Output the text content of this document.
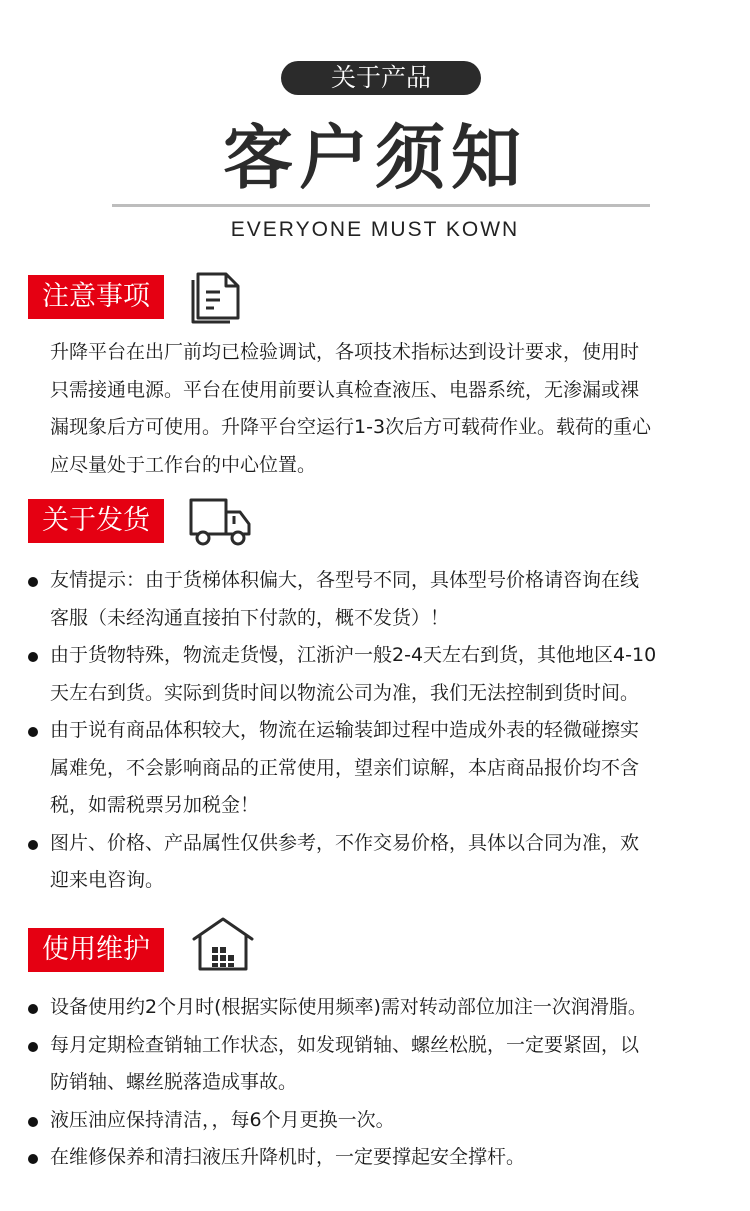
关于产品
客户须知
EVERYONE MUST KOWN
注意事项
升降平台在出厂前均已检验调试，各项技术指标达到设计要求，使用时
只需接通电源。平台在使用前要认真检查液压、电器系统，无渗漏或裸
漏现象后方可使用。升降平台空运行1-3次后方可载荷作业。载荷的重心
应尽量处于工作台的中心位置。
关于发货
友情提示：由于货梯体积偏大，各型号不同，具体型号价格请咨询在线
客服（未经沟通直接拍下付款的，概不发货）！
由于货物特殊，物流走货慢，江浙沪一般2-4天左右到货，其他地区4-10
天左右到货。实际到货时间以物流公司为准，我们无法控制到货时间。
由于说有商品体积较大，物流在运输装卸过程中造成外表的轻微碰擦实
属难免，不会影响商品的正常使用，望亲们谅解，本店商品报价均不含
税，如需税票另加税金！
图片、价格、产品属性仅供参考，不作交易价格，具体以合同为准，欢
迎来电咨询。
使用维护
设备使用约2个月时(根据实际使用频率)需对转动部位加注一次润滑脂。
每月定期检查销轴工作状态，如发现销轴、螺丝松脱，一定要紧固，以
防销轴、螺丝脱落造成事故。
液压油应保持清洁，，每6个月更换一次。
在维修保养和清扫液压升降机时，一定要撑起安全撑杆。
